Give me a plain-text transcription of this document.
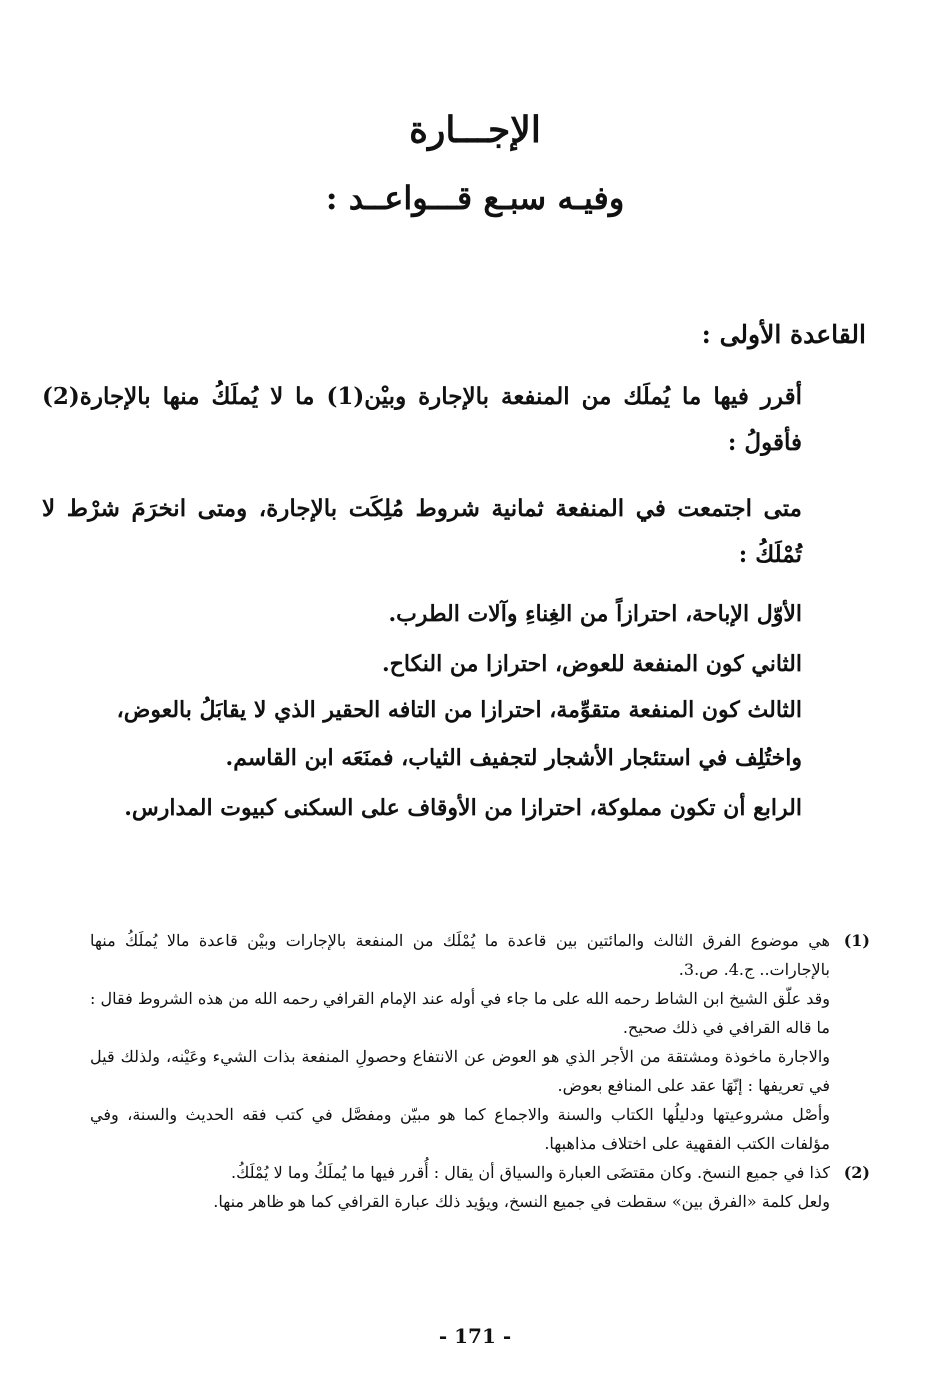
الإجـــارة
وفيـه سبـع قـــواعــد :
القاعدة الأولى :
أقرر فيها ما يُملَك من المنفعة بالإجارة وبيْن(1) ما لا يُملَكُ منها بالإجارة(2) فأقولُ :
متى اجتمعت في المنفعة ثمانية شروط مُلِكَت بالإجارة، ومتى انخرَمَ شرْط لا تُمْلَكُ :
الأوّل الإباحة، احترازاً من الغِناءِ وآلات الطرب.
الثاني كون المنفعة للعوض، احترازا من النكاح.
الثالث كون المنفعة متقوِّمة، احترازا من التافه الحقير الذي لا يقابَلُ بالعوض، واختُلِف في استئجار الأشجار لتجفيف الثياب، فمنَعَه ابن القاسم.
الرابع أن تكون مملوكة، احترازا من الأوقاف على السكنى كبيوت المدارس.
(1)
هي موضوع الفرق الثالث والمائتين بين قاعدة ما يُمْلَك من المنفعة بالإجارات وبيْن قاعدة مالا يُملَكُ منها بالإجارات.. ج.4. ص.3.
وقد علّق الشيخ ابن الشاط رحمه الله على ما جاء في أوله عند الإمام القرافي رحمه الله من هذه الشروط فقال : ما قاله القرافي في ذلك صحيح.
والاجارة ماخوذة ومشتقة من الأجر الذي هو العوض عن الانتفاع وحصولِ المنفعة بذات الشيء وعَيْنه، ولذلك قيل في تعريفها : إنّهَا عقد على المنافع بعوض.
وأصْل مشروعيتها ودليلُها الكتاب والسنة والاجماع كما هو مبيّن ومفصَّل في كتب فقه الحديث والسنة، وفي مؤلفات الكتب الفقهية على اختلاف مذاهبها.
(2)
كذا في جميع النسخ. وكان مقتضَى العبارة والسياق أن يقال : أُقرر فيها ما يُملَكُ وما لا يُمْلَكُ.
ولعل كلمة «الفرق بين» سقطت في جميع النسخ، ويؤيد ذلك عبارة القرافي كما هو ظاهر منها.
- 171 -
